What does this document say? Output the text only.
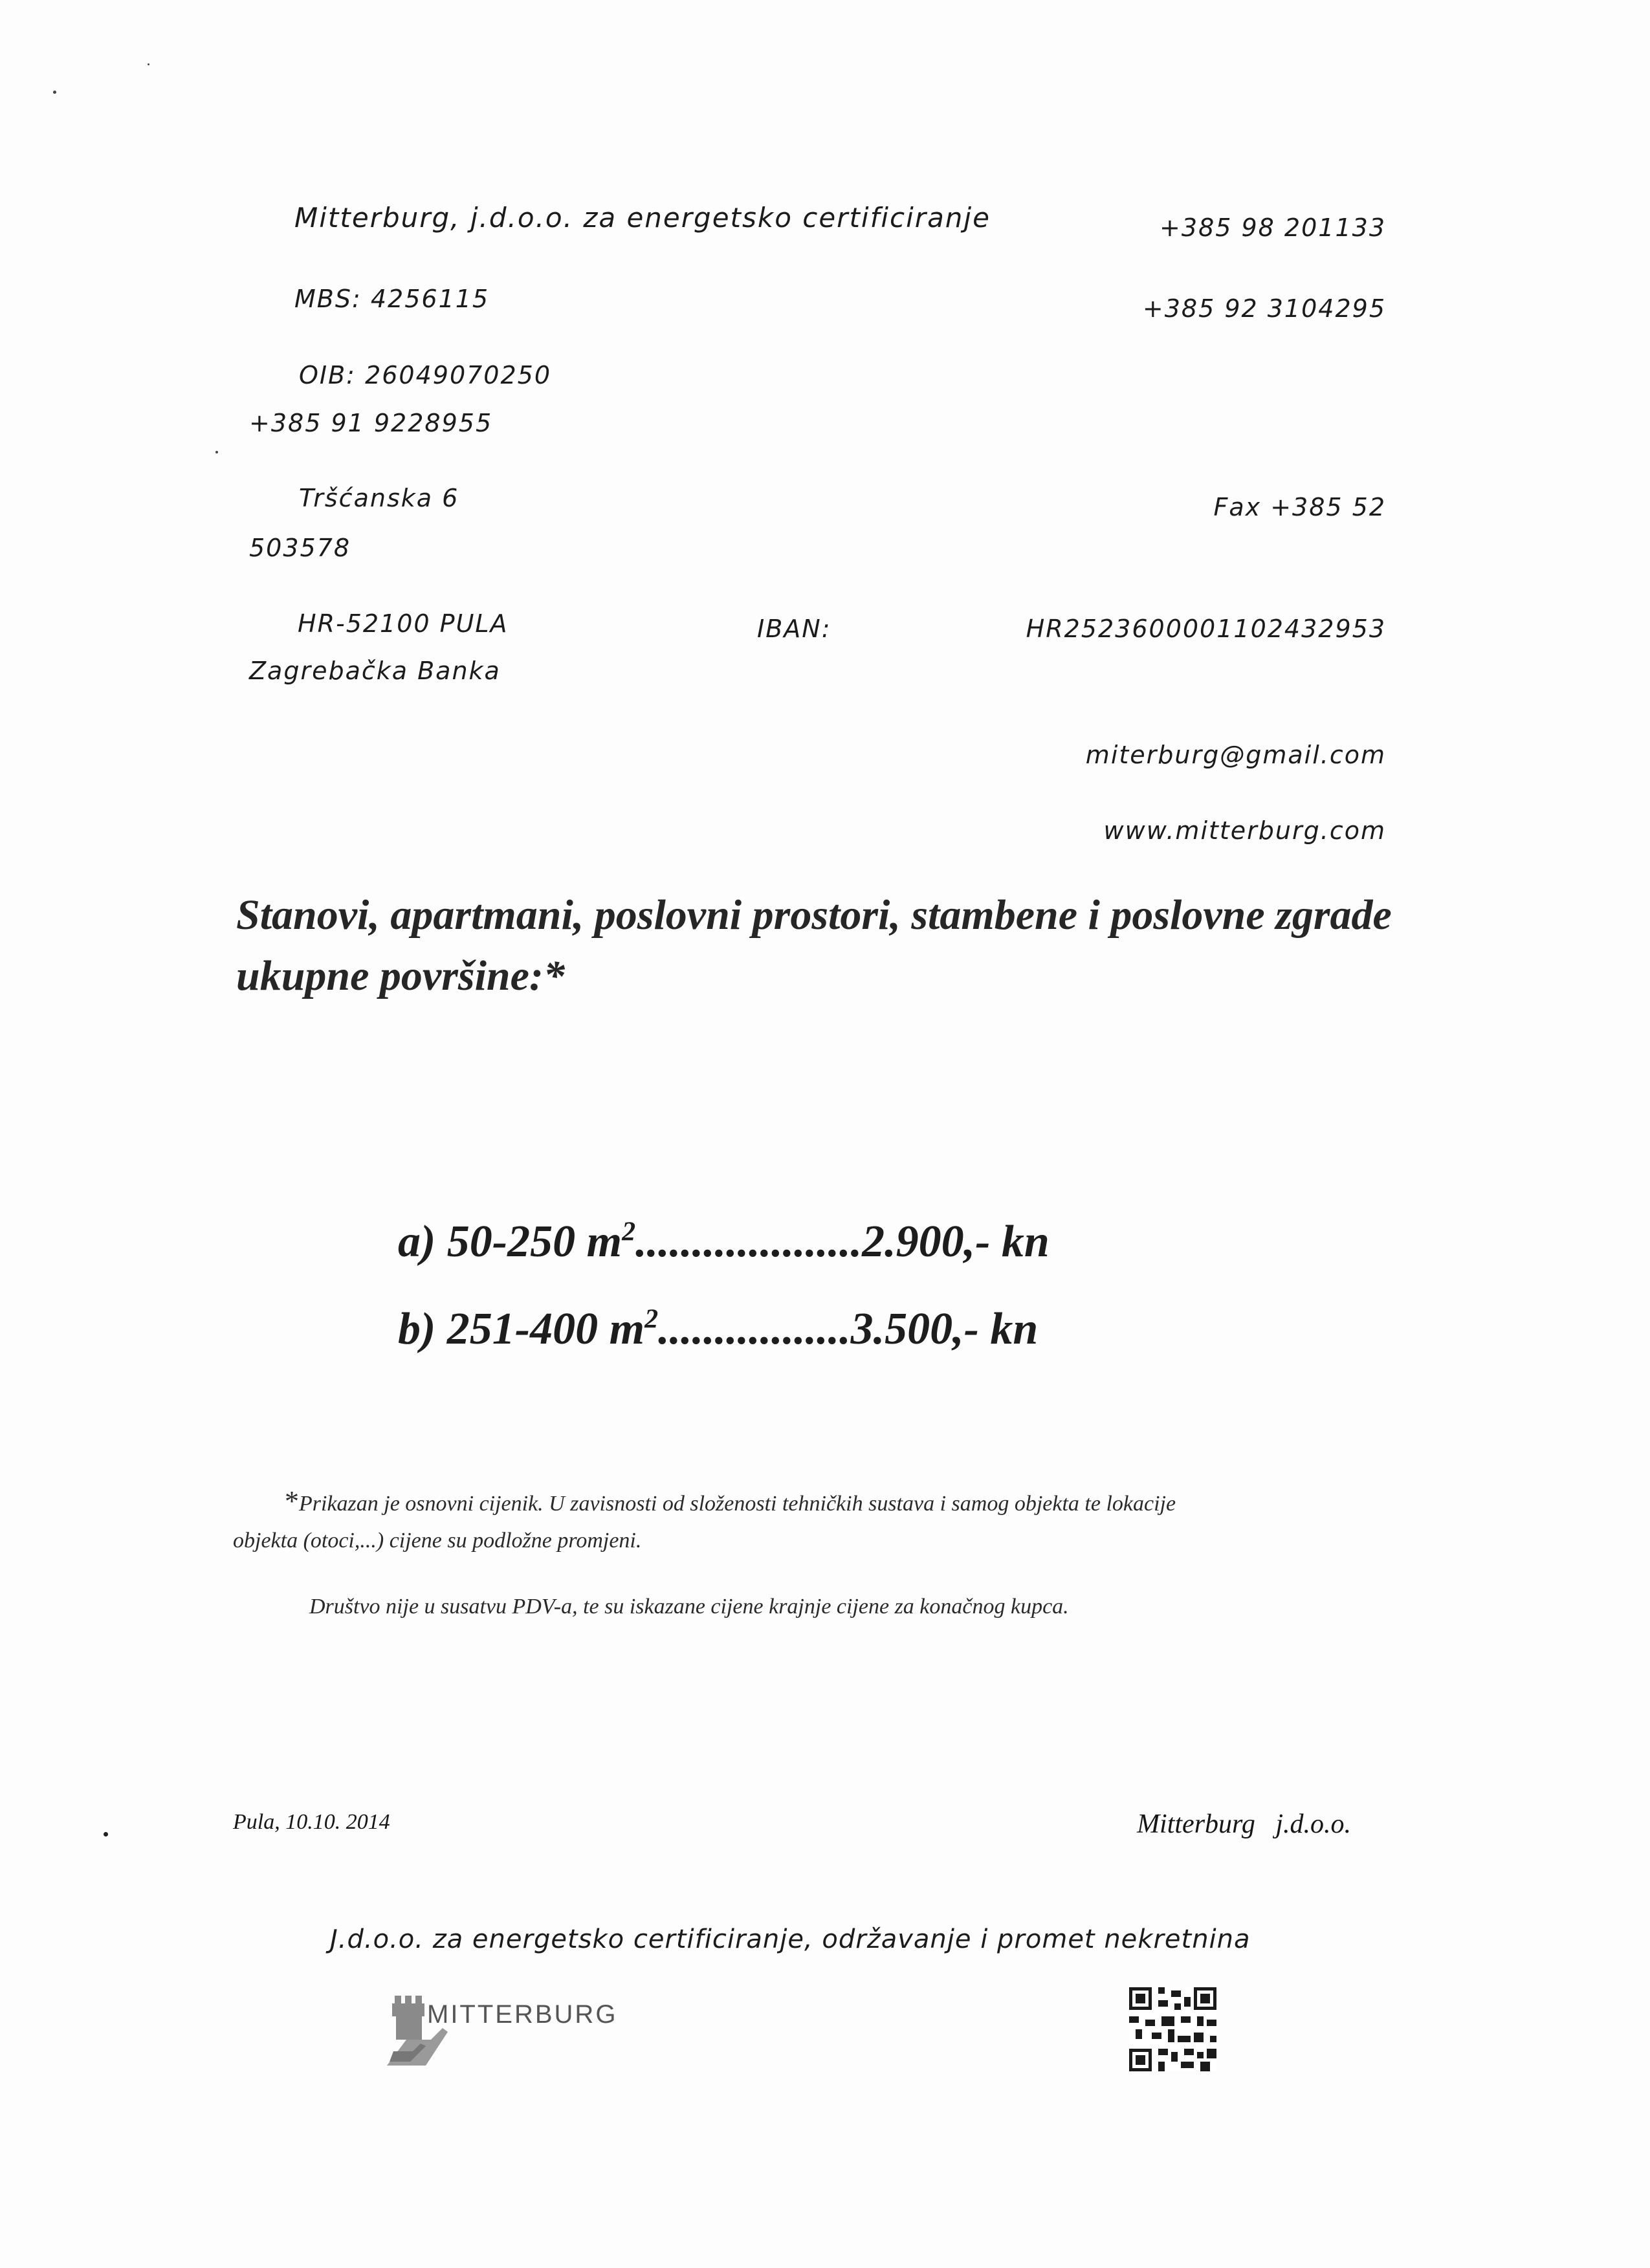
Mitterburg, j.d.o.o. za energetsko certificiranje	+385 98 201133
MBS: 4256115	+385 92 3104295
OIB: 26049070250
+385 91 9228955
Tršćanska 6	Fax +385 52
503578
HR-52100 PULA	IBAN:	HR2523600001102432953
Zagrebačka Banka
miterburg@gmail.com
www.mitterburg.com
Stanovi, apartmani, poslovni prostori, stambene i poslovne zgrade ukupne površine:*
a) 50-250 $m^2....................2.900,-$ kn
b) 251-400 $m^2.................3.500,-$ kn
*Prikazan je osnovni cijenik. U zavisnosti od složenosti tehničkih sustava i samog objekta te lokacije
objekta (otoci,...) cijene su podložne promjeni.
Društvo nije u susatvu PDV-a, te su iskazane cijene krajnje cijene za konačnog kupca.
Pula, 10.10. 2014	Mitterburg   j.d.o.o.
J.d.o.o. za energetsko certificiranje, održavanje i promet nekretnina
MITTERBURG
